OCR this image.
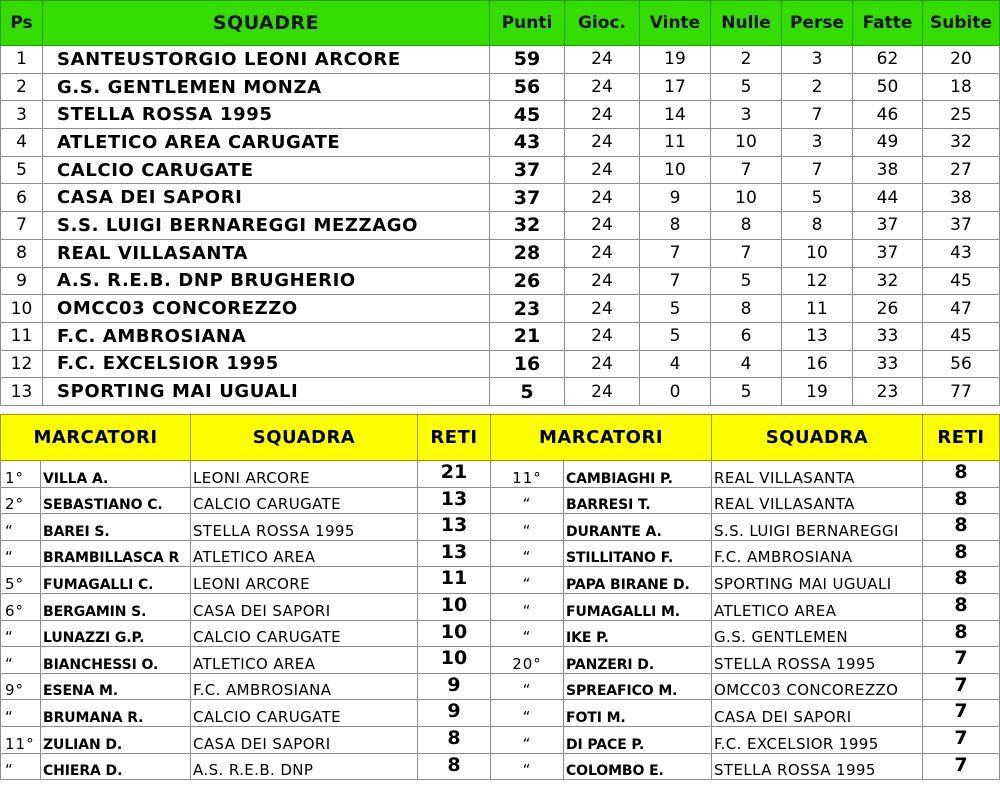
Ps	SQUADRE	Punti	Gioc.	Vinte	Nulle	Perse	Fatte	Subite
1	SANTEUSTORGIO LEONI ARCORE	59	24	19	2	3	62	20
2	G.S. GENTLEMEN MONZA	56	24	17	5	2	50	18
3	STELLA ROSSA 1995	45	24	14	3	7	46	25
4	ATLETICO AREA CARUGATE	43	24	11	10	3	49	32
5	CALCIO CARUGATE	37	24	10	7	7	38	27
6	CASA DEI SAPORI	37	24	9	10	5	44	38
7	S.S. LUIGI BERNAREGGI MEZZAGO	32	24	8	8	8	37	37
8	REAL VILLASANTA	28	24	7	7	10	37	43
9	A.S. R.E.B. DNP BRUGHERIO	26	24	7	5	12	32	45
10	OMCC03 CONCOREZZO	23	24	5	8	11	26	47
11	F.C. AMBROSIANA	21	24	5	6	13	33	45
12	F.C. EXCELSIOR 1995	16	24	4	4	16	33	56
13	SPORTING MAI UGUALI	5	24	0	5	19	23	77
MARCATORI		SQUADRA	RETI	MARCATORI		SQUADRA	RETI
1°	VILLA A.	LEONI ARCORE	21	11°	CAMBIAGHI P.	REAL VILLASANTA	8
2°	SEBASTIANO C.	CALCIO CARUGATE	13	“	BARRESI T.	REAL VILLASANTA	8
“	BAREI S.	STELLA ROSSA 1995	13	“	DURANTE A.	S.S. LUIGI BERNAREGGI	8
“	BRAMBILLASCA R	ATLETICO AREA	13	“	STILLITANO F.	F.C. AMBROSIANA	8
5°	FUMAGALLI C.	LEONI ARCORE	11	“	PAPA BIRANE D.	SPORTING MAI UGUALI	8
6°	BERGAMIN S.	CASA DEI SAPORI	10	“	FUMAGALLI M.	ATLETICO AREA	8
“	LUNAZZI G.P.	CALCIO CARUGATE	10	“	IKE P.	G.S. GENTLEMEN	8
“	BIANCHESSI O.	ATLETICO AREA	10	20°	PANZERI D.	STELLA ROSSA 1995	7
9°	ESENA M.	F.C. AMBROSIANA	9	“	SPREAFICO M.	OMCC03 CONCOREZZO	7
“	BRUMANA R.	CALCIO CARUGATE	9	“	FOTI M.	CASA DEI SAPORI	7
11°	ZULIAN D.	CASA DEI SAPORI	8	“	DI PACE P.	F.C. EXCELSIOR 1995	7
“	CHIERA D.	A.S. R.E.B. DNP	8	“	COLOMBO E.	STELLA ROSSA 1995	7
